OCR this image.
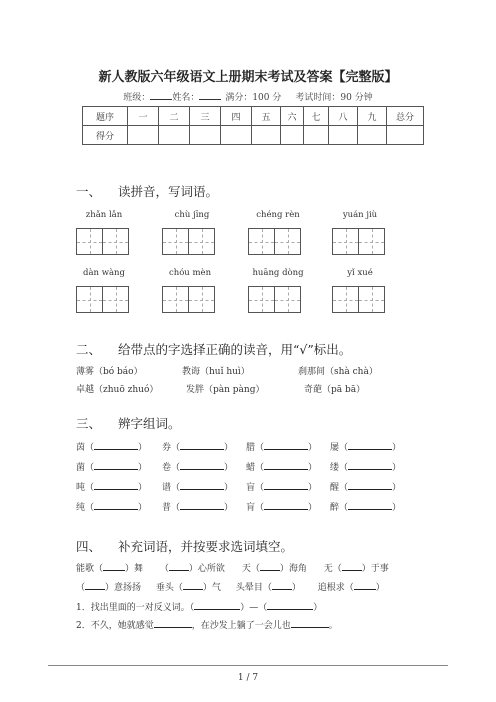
新人教版六年级语文上册期末考试及答案【完整版】
班级： 姓名：	满分：100 分 考试时间：90 分钟
题序	一	二	三	四	五	六	七	八	九	总分
得分										
一、 读拼音，写词语。
zhǎn lǎn	chù jīng	chéng rèn	yuán jiù
dàn wàng	chóu mèn	huāng dòng	yǐ xué
二、 给带点的字选择正确的读音，用“√”标出。
薄雾（bó báo）	教诲（huǐ huì）	刹那间（shà chà）
卓越（zhuō zhuó）	发胖（pàn pàng）	奇葩（pā bā）
三、 辨字组词。
茵（	） 券（	） 腊（	） 屡（	）
菌（	） 卷（	） 蜡（	） 缕（	）
吨（	） 谱（	） 盲（	） 醒（	）
纯（	） 普（	） 肓（	） 醉（	）
四、 补充词语，并按要求选词填空。
能歌（ ）舞 （ ）心所欲 天（ ）海角 无（ ）于事
（ ）意扬扬 垂头（ ）气 头晕目（ ） 追根求（ ）
1．找出里面的一对反义词。（	）—（	）
2．不久，她就感觉	，在沙发上躺了一会儿也	。
1 / 7
